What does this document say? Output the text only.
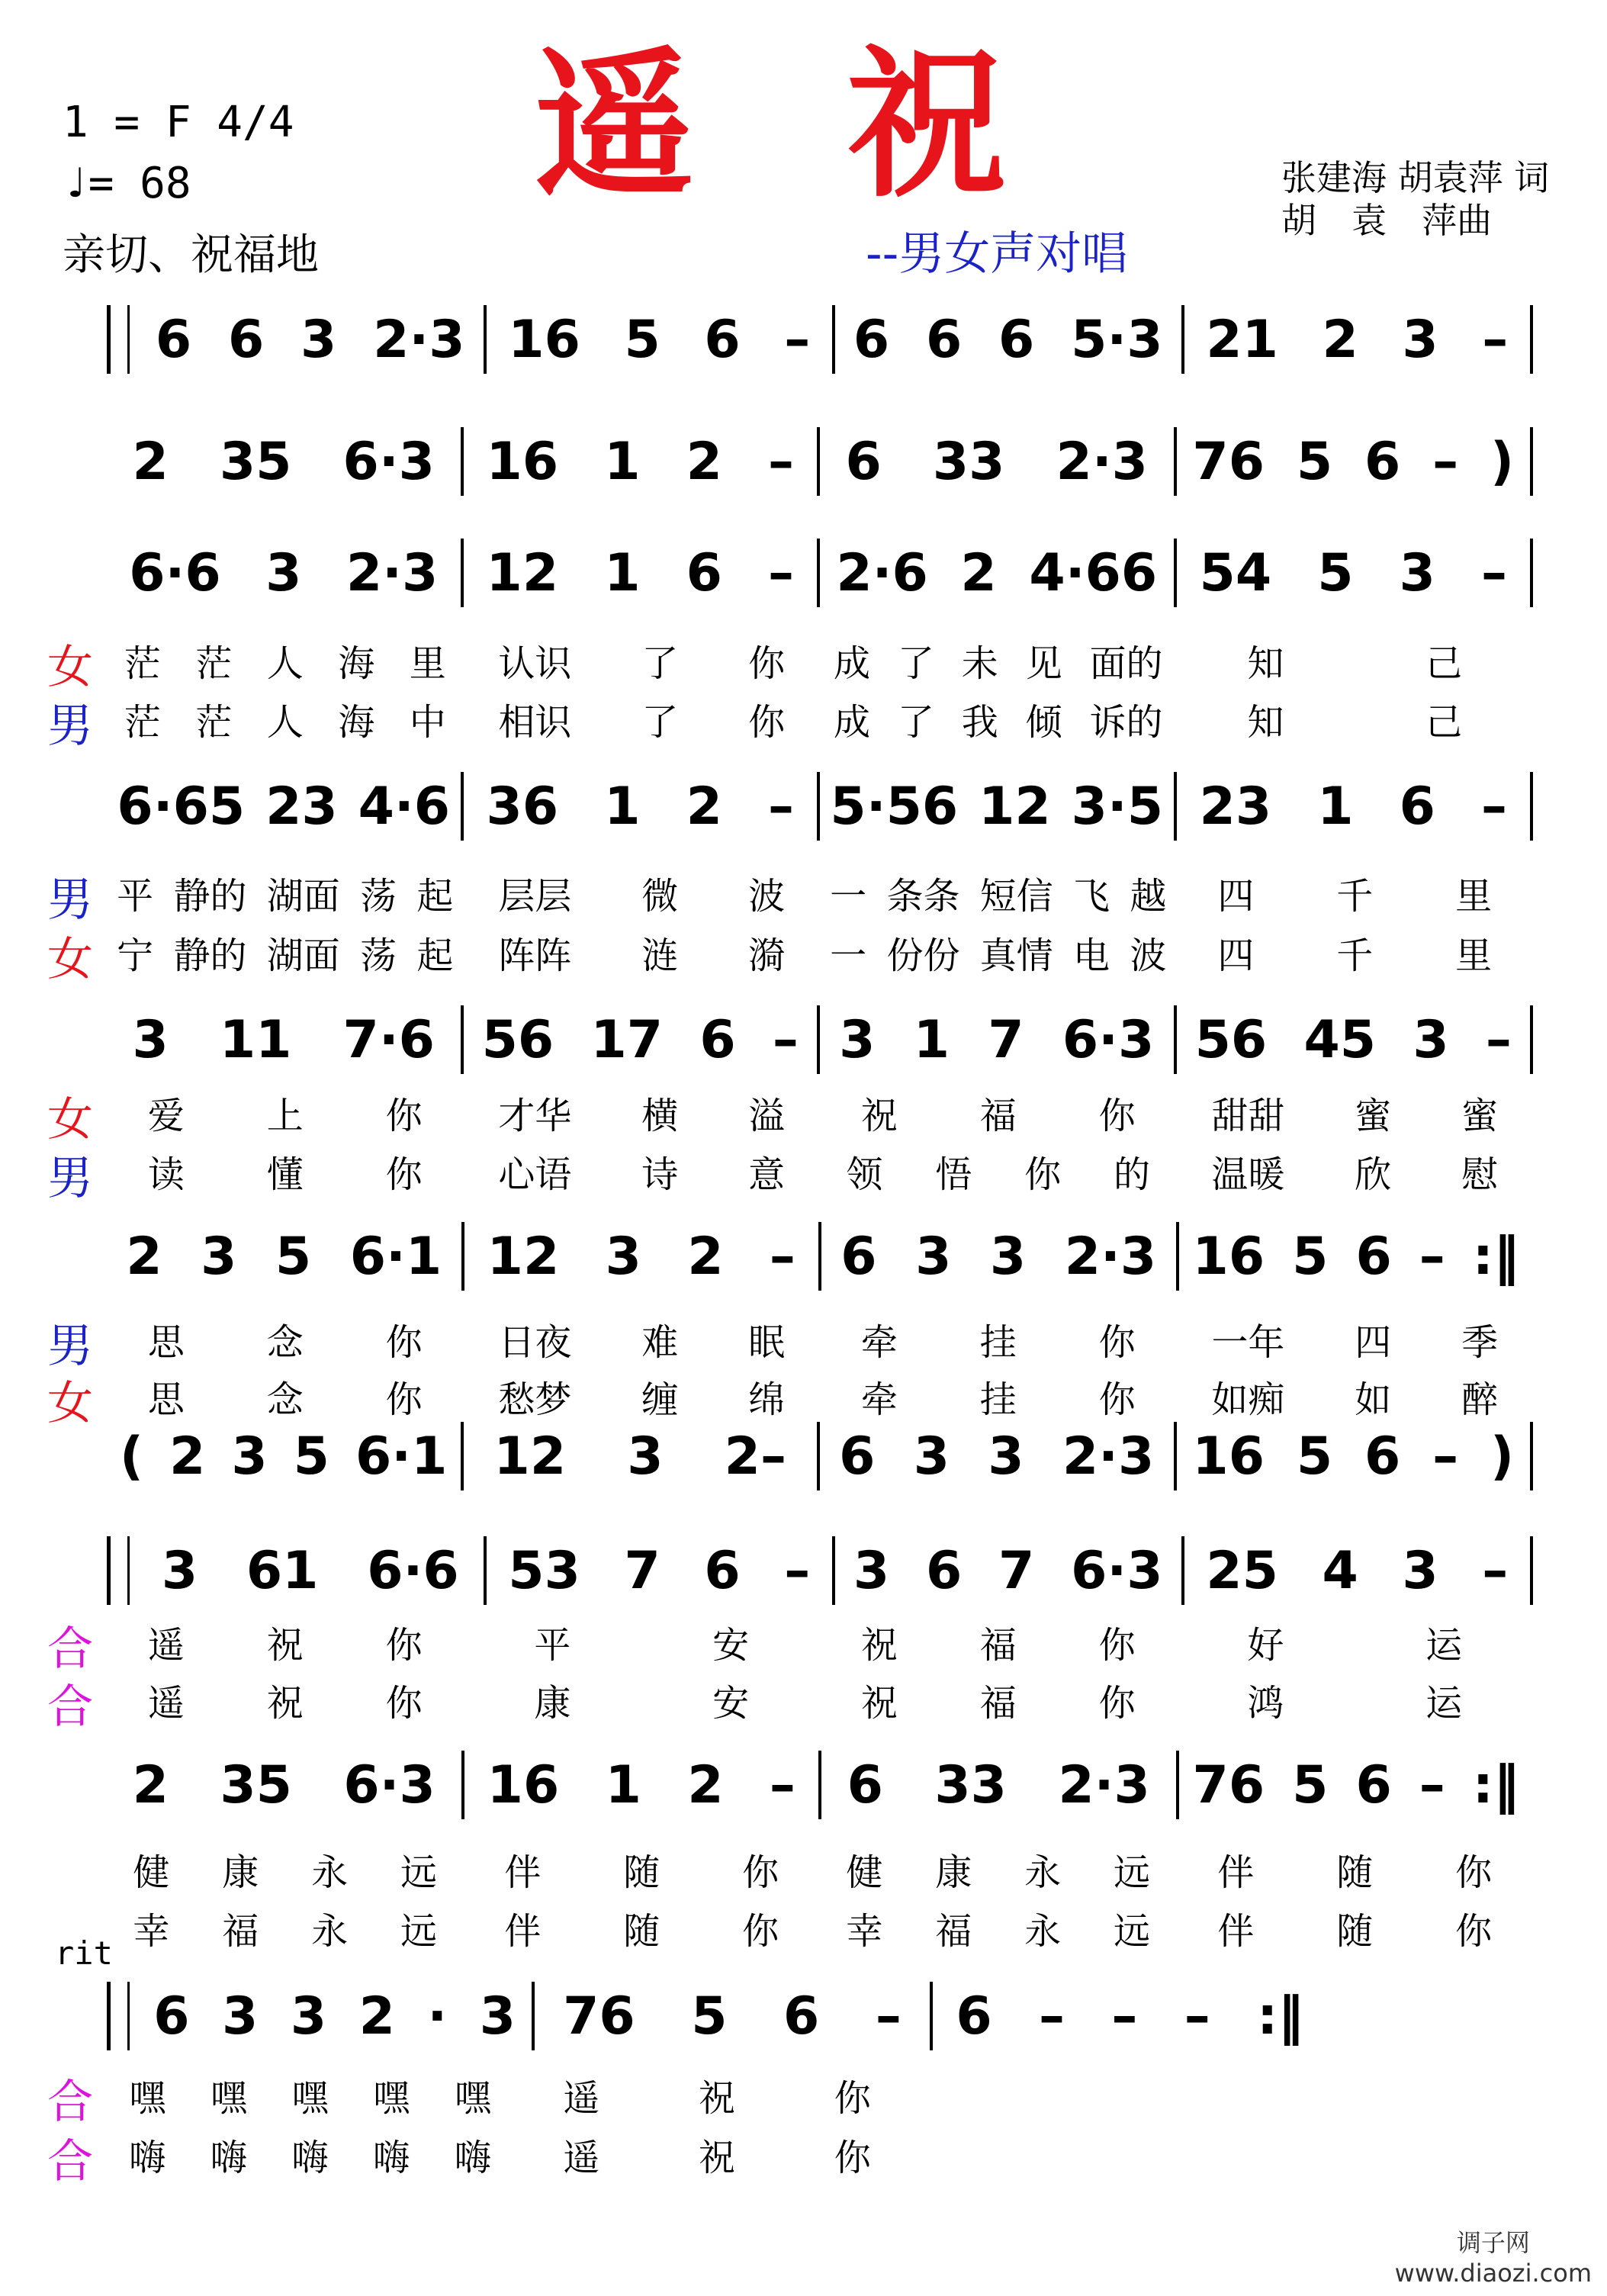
1 = F 4/4
♩= 68
亲切、祝福地
遥祝
--男女声对唱
张建海 胡袁萍 词
胡　袁　萍曲
rit
6 6 3 2·3 16 5 6 – 6 6 6 5·3 21 2 3 –
2 35 6·3 16 1 2 – 6 33 2·3 76 5 6 – )
6·6 3 2·3 12 1 6 – 2·6 2 4·66 54 5 3 –
女 茫 茫 人 海 里 认识 了 你 成 了 未 见 面的 知	己
男 茫 茫 人 海 中 相识 了 你 成 了 我 倾 诉的 知	己
6·65 23 4·6 36 1 2 – 5·56 12 3·5 23 1 6 –
男 平 静的 湖面 荡 起 层层 微 波 一 条条 短信 飞 越 四 千 里
女 宁 静的 湖面 荡 起 阵阵 涟 漪 一 份份 真情 电 波 四 千 里
3 11 7·6 56 17 6 – 3 1 7 6·3 56 45 3 –
女 爱 上 你 才华 横 溢 祝 福 你 甜甜 蜜 蜜
男 读 懂 你 心语 诗 意 领 悟 你 的 温暖 欣 慰
2 3 5 6·1 12 3 2 – 6 3 3 2·3 16 5 6 – :‖
男 思 念 你 日夜 难 眠 牵 挂 你 一年 四 季
女 思 念 你 愁梦 缠 绵 牵 挂 你 如痴 如 醉
( 2 3 5 6·1 12 3 2– 6 3 3 2·3 16 5 6 – )
3 61 6·6 53 7 6 – 3 6 7 6·3 25 4 3 –
合 遥 祝 你	平	安	祝 福 你	好	运
合 遥 祝 你	康	安	祝 福 你	鸿	运
2 35 6·3 16 1 2 – 6 33 2·3 76 5 6 – :‖
健 康 永 远 伴 随 你 健 康 永 远 伴 随 你
幸 福 永 远 伴 随 你 幸 福 永 远 伴 随 你
6 3 3 2 · 3 76 5 6 – 6 – – – :‖
合 嘿 嘿 嘿 嘿 嘿 遥	祝	你
合 嗨 嗨 嗨 嗨 嗨 遥	祝	你
调子网
www.diaozi.com
